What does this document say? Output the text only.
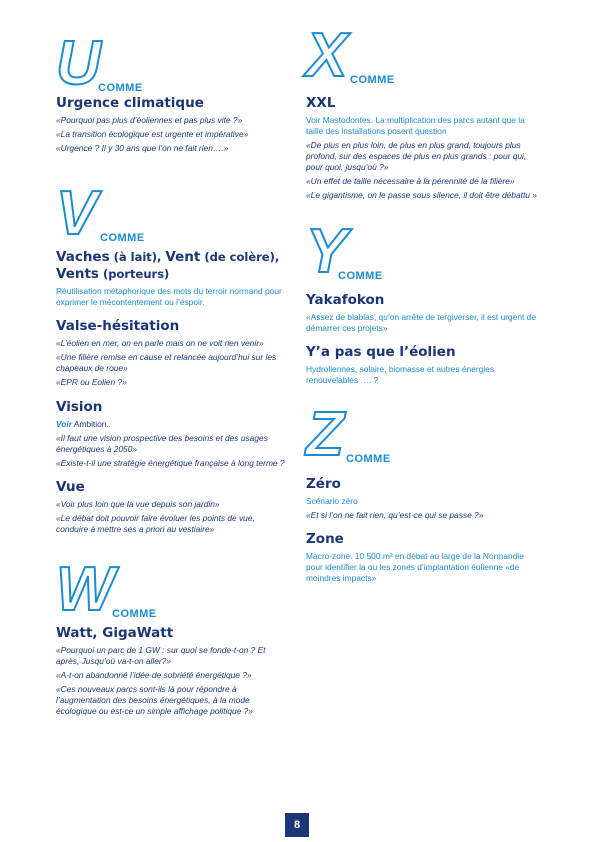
U COMME
Urgence climatique

«Pourquoi pas plus d’éoliennes et pas plus vite ?»

«La transition écologique est urgente et impérative»

«Urgence ? Il y 30 ans que l’on ne fait rien….»

V COMME
Vaches (à lait), Vent (de colère),
Vents (porteurs)

Réutilisation métaphorique des mots du terroir normand pour exprimer le mécontentement ou l’espoir.

Valse-hésitation

«L’éolien en mer, on en parle mais on ne voit rien venir»

«Une filière remise en cause et relancée aujourd’hui sur les chapeaux de roue»

«EPR ou Eolien ?»

Vision

Voir Ambition.

«Il faut une vision prospective des besoins et des usages énergétiques à 2050»

«Existe-t-il une stratégie énergétique française à long terme ?

Vue

«Voir plus loin que la vue depuis son jardin»

«Le débat doit pouvoir faire évoluer les points de vue, conduire à mettre ses a priori au vestiaire»

W COMME
Watt, GigaWatt

«Pourquoi un parc de 1 GW : sur quoi se fonde-t-on ? Et après, Jusqu’où va-t-on aller?»

«A-t-on abandonné l’idée de sobriété énergétique ?»

«Ces nouveaux parcs sont-ils là pour répondre à l’augmentation des besoins énergétiques, à la mode écologique ou est-ce un simple affichage politique ?»

X COMME
XXL

Voir Mastodontes. La multiplication des parcs autant que la taille des installations posent question

«De plus en plus loin, de plus en plus grand, toujours plus profond, sur des espaces de plus en plus grands : pour qui, pour quoi, jusqu’où ?»

«Un effet de taille nécessaire à la pérennité de la filière»

«Le gigantisme, on le passe sous silence, il doit être débattu »

Y
COMME
Yakafokon

«Assez de blablas, qu’on arrête de tergiverser, il est urgent de démarrer ces projets»

Y’a pas que l’éolien

Hydroliennes, solaire, biomasse et autres énergies renouvelables …. ?

Z COMME
Zéro

Scénario zéro

«Et si l’on ne fait rien, qu’est-ce qui se passe ?»

Zone

Macro-zone. 10 500 m² en débat au large de la Normandie pour identifier la ou les zones d’implantation éolienne «de moindres impacts»

8
